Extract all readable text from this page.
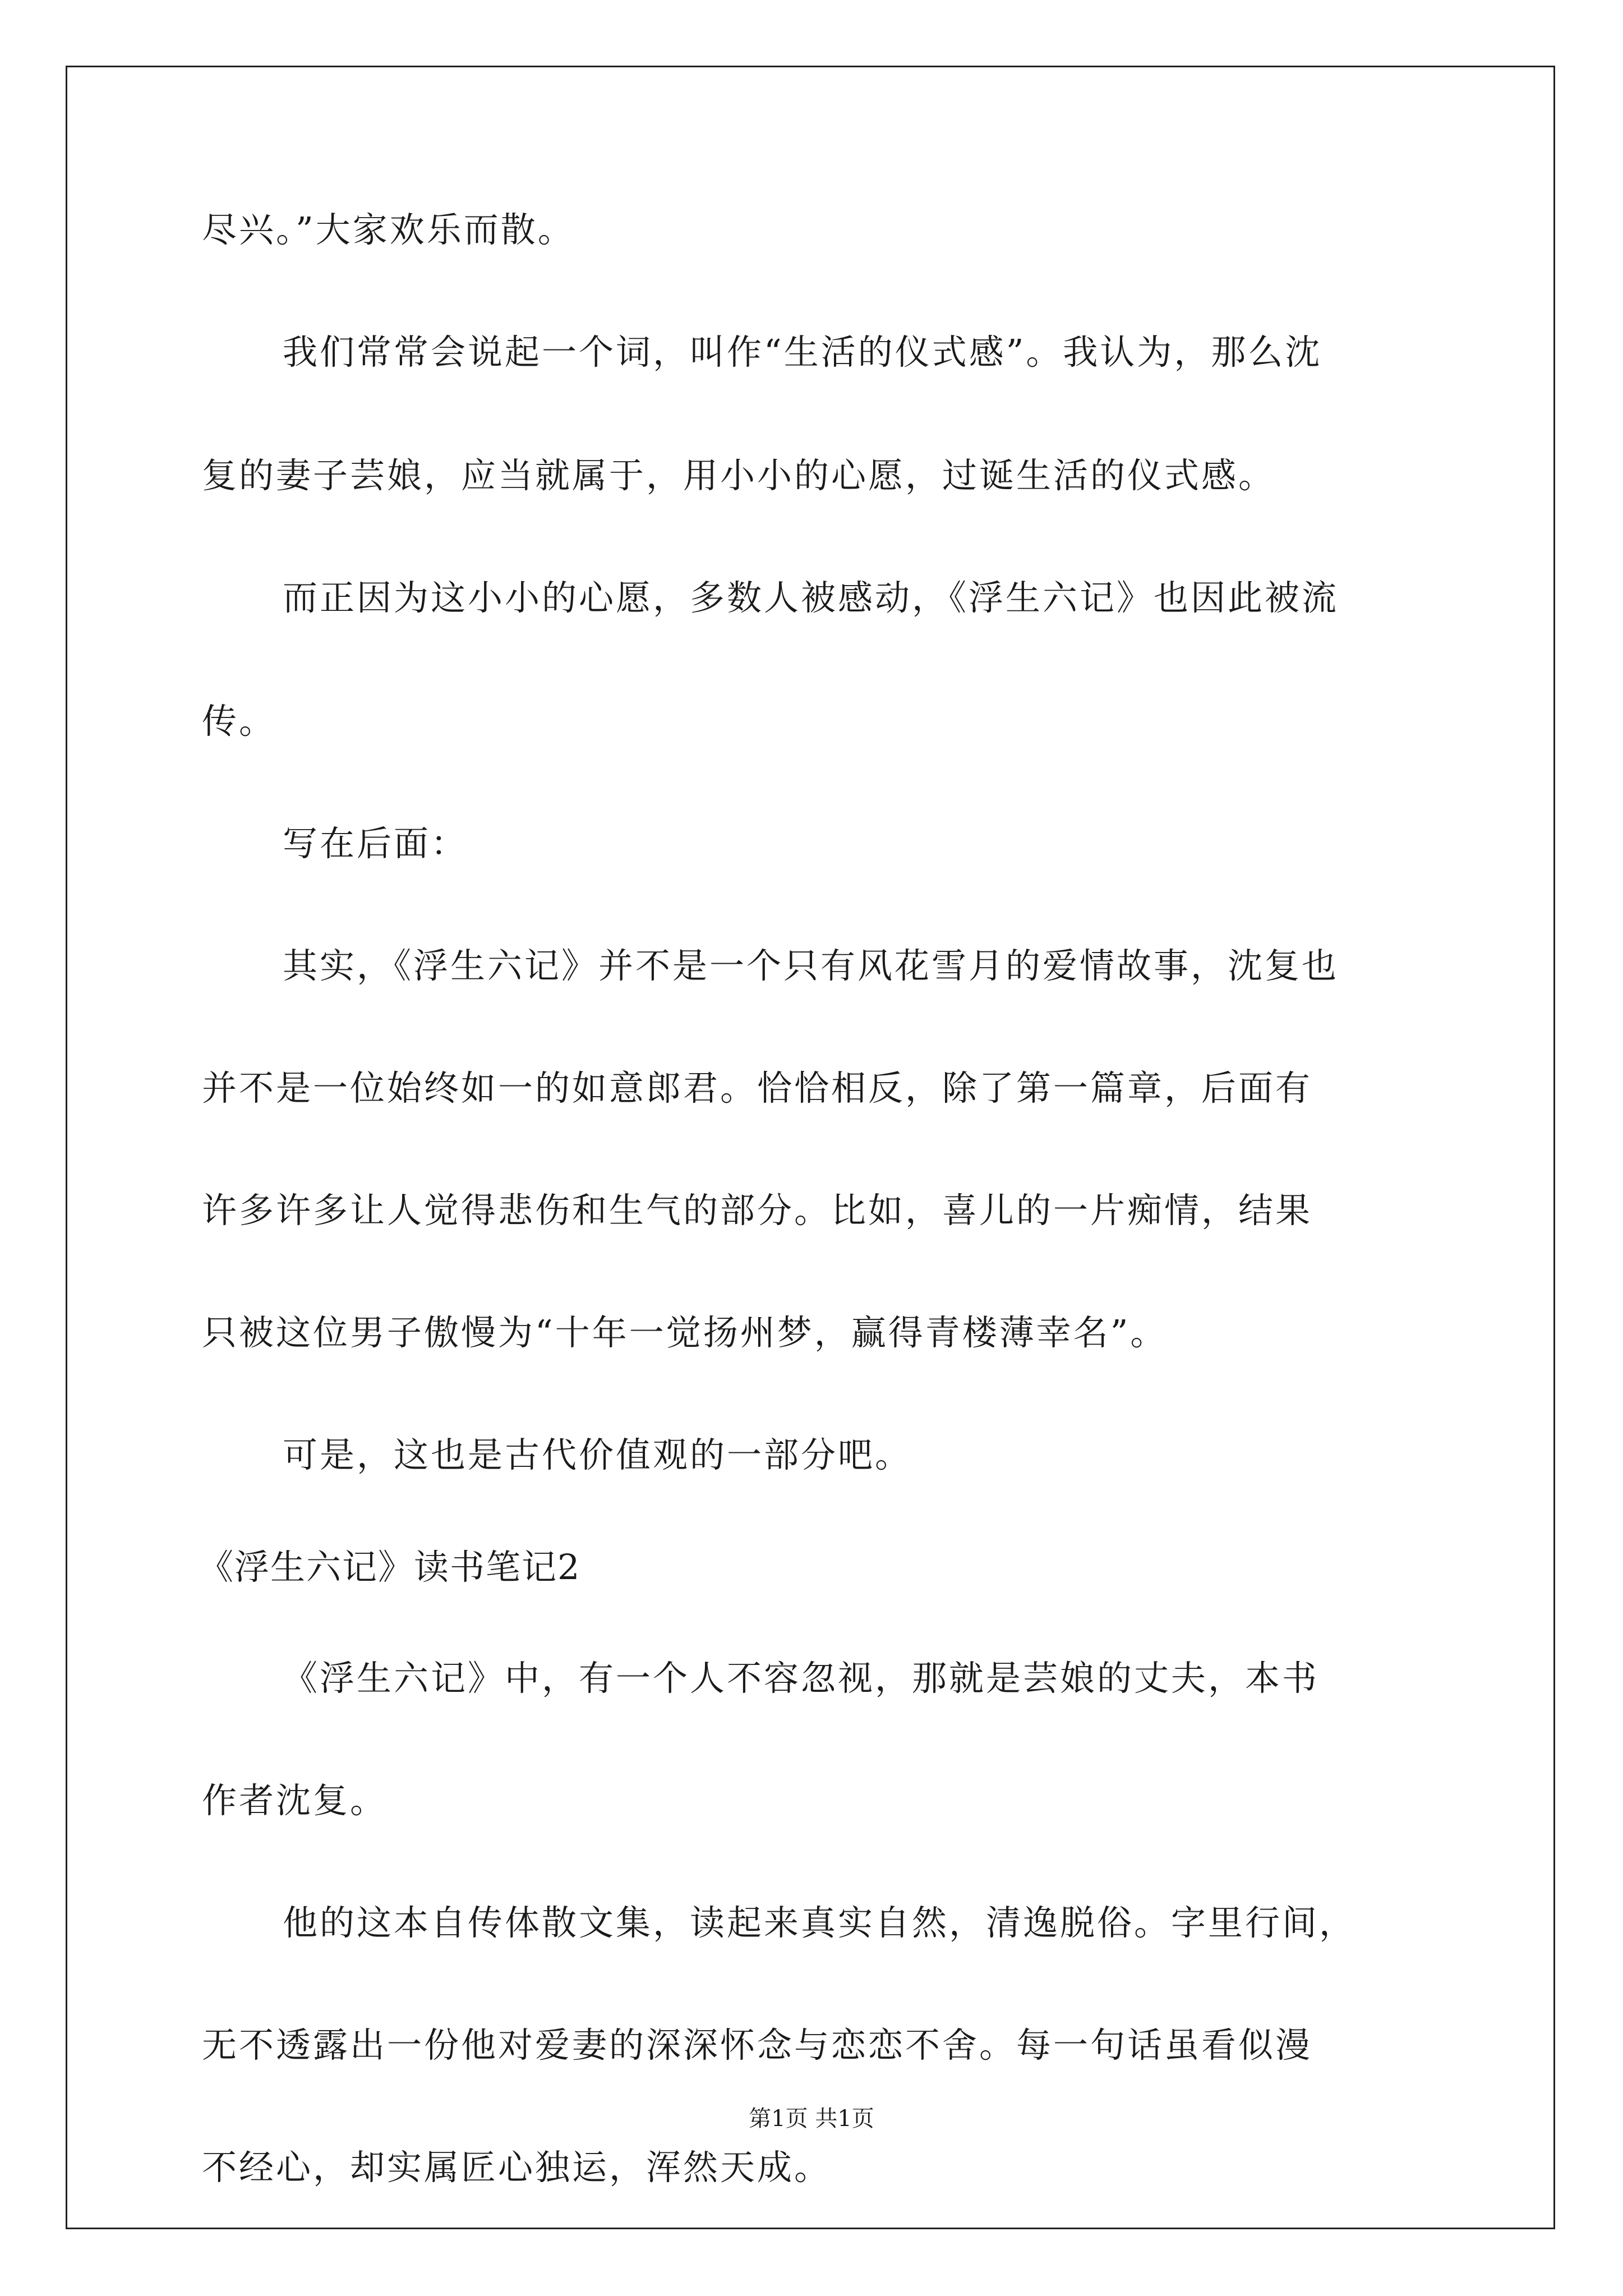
尽兴。”大家欢乐而散。
我们常常会说起一个词，叫作“生活的仪式感”。我认为，那么沈
复的妻子芸娘，应当就属于，用小小的心愿，过诞生活的仪式感。
而正因为这小小的心愿，多数人被感动，《浮生六记》也因此被流
传。
写在后面：
其实，《浮生六记》并不是一个只有风花雪月的爱情故事，沈复也
并不是一位始终如一的如意郎君。恰恰相反，除了第一篇章，后面有
许多许多让人觉得悲伤和生气的部分。比如，喜儿的一片痴情，结果
只被这位男子傲慢为“十年一觉扬州梦，赢得青楼薄幸名”。
可是，这也是古代价值观的一部分吧。
《浮生六记》读书笔记2
《浮生六记》中，有一个人不容忽视，那就是芸娘的丈夫，本书
作者沈复。
他的这本自传体散文集，读起来真实自然，清逸脱俗。字里行间，
无不透露出一份他对爱妻的深深怀念与恋恋不舍。每一句话虽看似漫
不经心，却实属匠心独运，浑然天成。
第1页 共1页
